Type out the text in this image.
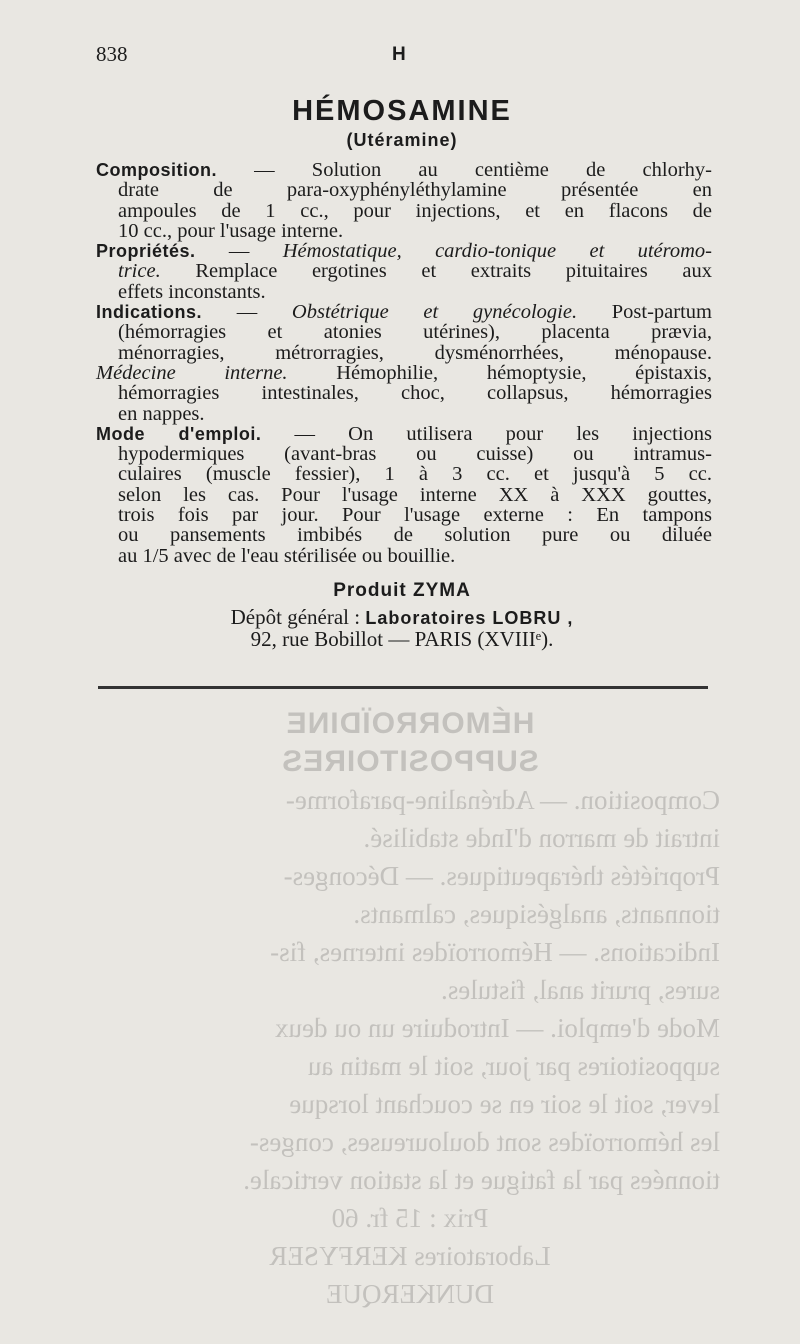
HÉMORROÏDINE
SUPPOSITOIRES
Composition. — Adrénaline-paraforme-
intrait de marron d'Inde stabilisé.
Propriétés thérapeutiques. — Déconges-
tionnants, analgésiques, calmants.
Indications. — Hémorroïdes internes, fis-
sures, prurit anal, fistules.
Mode d'emploi. — Introduire un ou deux
suppositoires par jour, soit le matin au
lever, soit le soir en se couchant lorsque
les hémorroïdes sont douloureuses, conges-
tionnées par la fatigue et la station verticale.
Prix : 15 fr. 60
Laboratoires KERFYSER
DUNKERQUE
838	H
HÉMOSAMINE
(Utéramine)
Composition. — Solution au centième de chlorhy-
drate de para-oxyphényléthylamine présentée en
ampoules de 1 cc., pour injections, et en flacons de
10 cc., pour l'usage interne.
Propriétés. — Hémostatique, cardio-tonique et utéromo-
trice. Remplace ergotines et extraits pituitaires aux
effets inconstants.
Indications. — Obstétrique et gynécologie. Post-partum
(hémorragies et atonies utérines), placenta prævia,
ménorragies, métrorragies, dysménorrhées, ménopause.
Médecine interne. Hémophilie, hémoptysie, épistaxis,
hémorragies intestinales, choc, collapsus, hémorragies
en nappes.
Mode d'emploi. — On utilisera pour les injections
hypodermiques (avant-bras ou cuisse) ou intramus-
culaires (muscle fessier), 1 à 3 cc. et jusqu'à 5 cc.
selon les cas. Pour l'usage interne XX à XXX gouttes,
trois fois par jour. Pour l'usage externe : En tampons
ou pansements imbibés de solution pure ou diluée
au 1/5 avec de l'eau stérilisée ou bouillie.
Produit ZYMA
Dépôt général : Laboratoires LOBRU ,
92, rue Bobillot — PARIS (XVIIIᵉ).
